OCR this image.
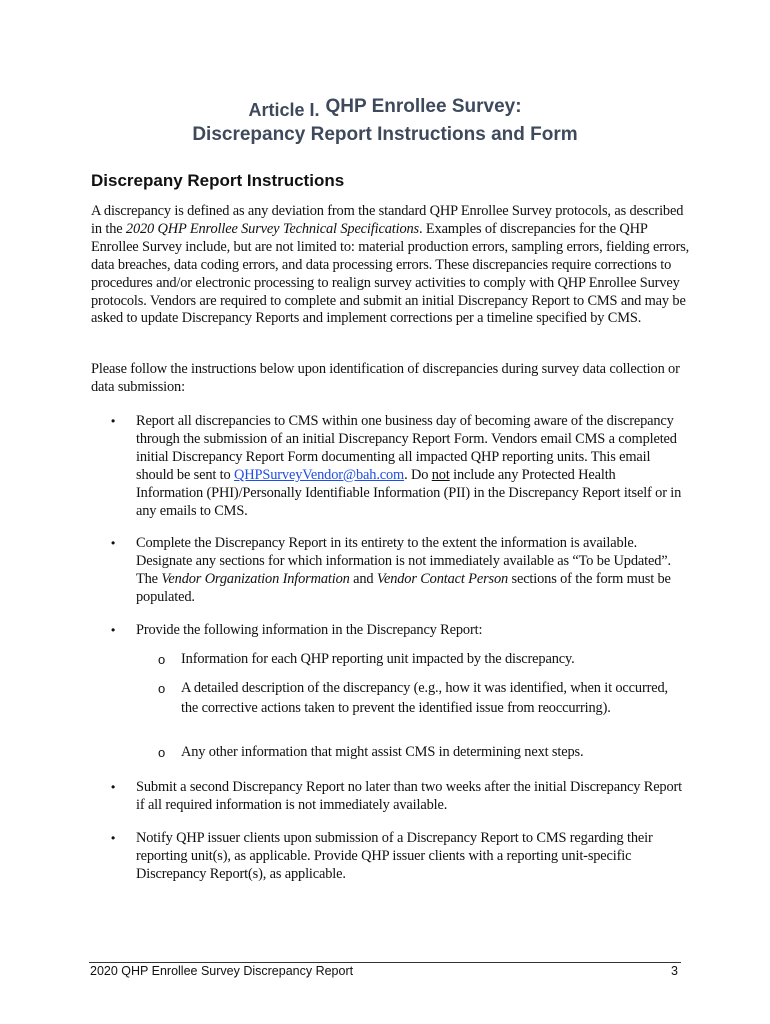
Article I. QHP Enrollee Survey:
Discrepancy Report Instructions and Form
Discrepany Report Instructions
A discrepancy is defined as any deviation from the standard QHP Enrollee Survey protocols, as described in the 2020 QHP Enrollee Survey Technical Specifications. Examples of discrepancies for the QHP Enrollee Survey include, but are not limited to: material production errors, sampling errors, fielding errors, data breaches, data coding errors, and data processing errors. These discrepancies require corrections to procedures and/or electronic processing to realign survey activities to comply with QHP Enrollee Survey protocols. Vendors are required to complete and submit an initial Discrepancy Report to CMS and may be asked to update Discrepancy Reports and implement corrections per a timeline specified by CMS.
Please follow the instructions below upon identification of discrepancies during survey data collection or data submission:
•	Report all discrepancies to CMS within one business day of becoming aware of the discrepancy through the submission of an initial Discrepancy Report Form. Vendors email CMS a completed initial Discrepancy Report Form documenting all impacted QHP reporting units. This email should be sent to QHPSurveyVendor@bah.com. Do not include any Protected Health Information (PHI)/Personally Identifiable Information (PII) in the Discrepancy Report itself or in any emails to CMS.
•	Complete the Discrepancy Report in its entirety to the extent the information is available. Designate any sections for which information is not immediately available as “To be Updated”. The Vendor Organization Information and Vendor Contact Person sections of the form must be populated.
•	Provide the following information in the Discrepancy Report:
o Information for each QHP reporting unit impacted by the discrepancy.
o A detailed description of the discrepancy (e.g., how it was identified, when it occurred, the corrective actions taken to prevent the identified issue from reoccurring).
o Any other information that might assist CMS in determining next steps.
•	Submit a second Discrepancy Report no later than two weeks after the initial Discrepancy Report if all required information is not immediately available.
•	Notify QHP issuer clients upon submission of a Discrepancy Report to CMS regarding their reporting unit(s), as applicable. Provide QHP issuer clients with a reporting unit-specific Discrepancy Report(s), as applicable.
2020 QHP Enrollee Survey Discrepancy Report	3
